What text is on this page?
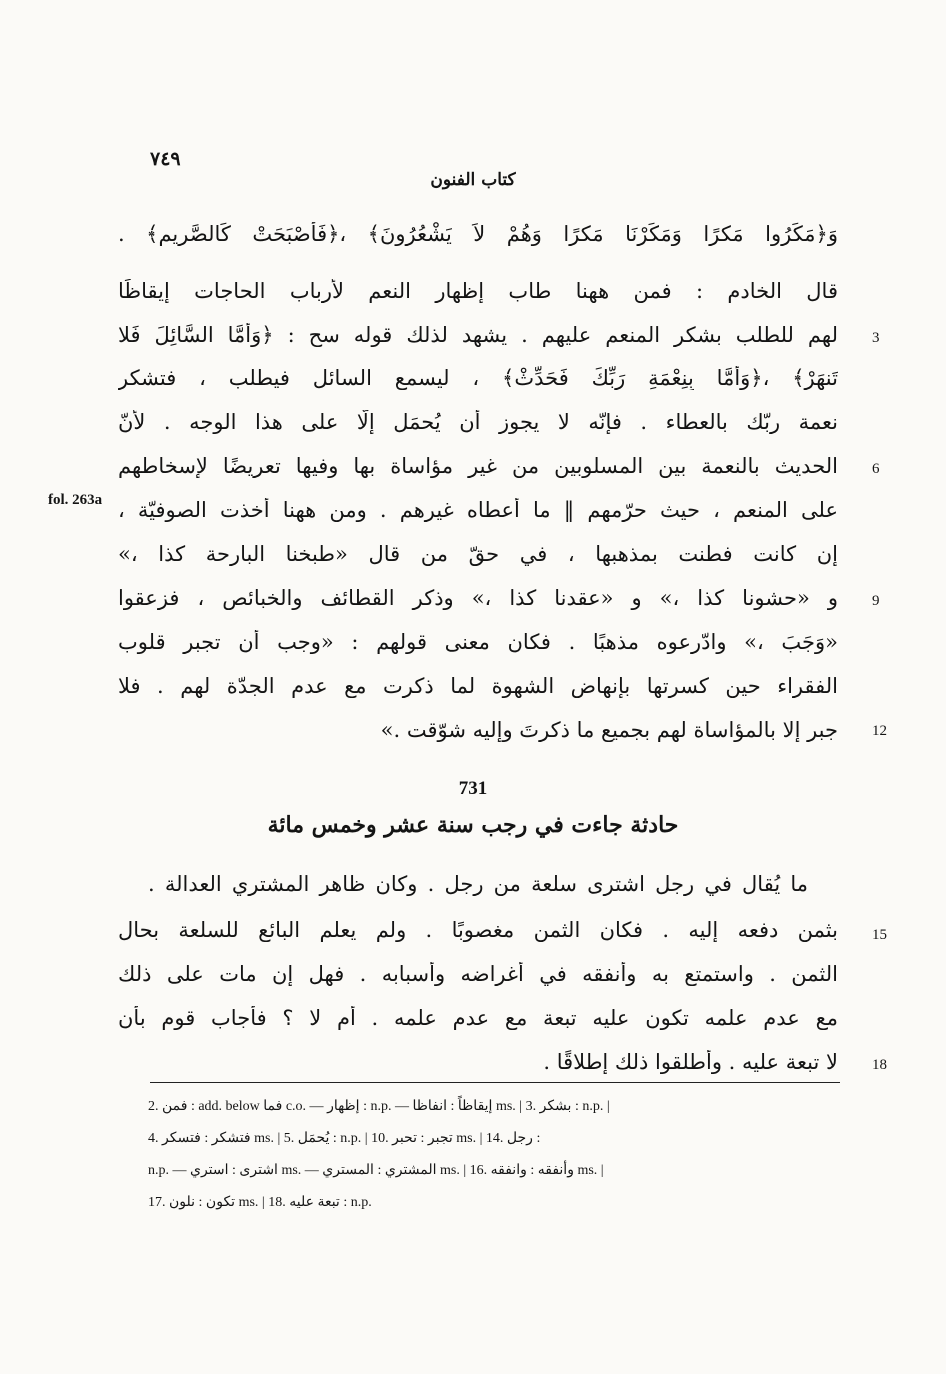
٧٤٩
كتاب الفنون
fol. 263a
ﻭَ﴿ﻣَﻜَﺮُﻭﺍ ﻣَﻜﺮًﺍ ﻭَﻣَﻜَﺮْﻧَﺎ ﻣَﻜﺮًﺍ ﻭَﻫُﻢْ ﻻَ ﻳَﺸْﻌُﺮُﻭﻥَ﴾ ،﴿ﻓَﺄَﺻْﺒَﺤَﺖْ ﻛَﺎﻟﺼَّﺮِﻳﻢِ﴾ .
قال الخادم : فمن ههنا طاب إظهار النعم لأرباب الحاجات إيقاظًا
لهم للطلب بشكر المنعم عليهم . يشهد لذلك قوله سح : ﴿وَأَمَّا السَّائِلَ فَلا 3
تَنهَرْ﴾ ،﴿وَأَمَّا بِنِعْمَةِ رَبِّكَ فَحَدِّثْ﴾ ، ليسمع السائل فيطلب ، فتشكر
نعمة ربّك بالعطاء . فإنّه لا يجوز أن يُحمَل إلّا على هذا الوجه . لأنّ
الحديث بالنعمة بين المسلوبين من غير مؤاساة بها وفيها تعريضًا لإسخاطهم 6
على المنعم ، حيث حرّمهم ‖ ما أعطاه غيرهم . ومن ههنا أخذت الصوفيّة ،
إن كانت فطنت بمذهبها ، في حقّ من قال «طبخنا البارحة كذا ،»
و «حشونا كذا ،» و «عقدنا كذا ،» وذكر القطائف والخبائص ، فزعقوا 9
«وَجَبَ ،» وادّرعوه مذهبًا . فكان معنى قولهم : «وجب أن تجبر قلوب
الفقراء حين كسرتها بإنهاض الشهوة لما ذكرت مع عدم الجدّة لهم . فلا
جبر إلا بالمؤاساة لهم بجميع ما ذكرتَ وإليه شوّقت .» 12
731
حادثة جاءت في رجب سنة عشر وخمس مائة
ما يُقال في رجل اشترى سلعة من رجل . وكان ظاهر المشتري العدالة .
بثمن دفعه إليه . فكان الثمن مغصوبًا . ولم يعلم البائع للسلعة بحال 15
الثمن . واستمتع به وأنفقه في أغراضه وأسبابه . فهل إن مات على ذلك
مع عدم علمه تكون عليه تبعة مع عدم علمه . أم لا ؟ فأجاب قوم بأن
لا تبعة عليه . وأطلقوا ذلك إطلاقًا . 18
2. فمن : add. below فما c.o. — إظهار : n.p. — إيقاظاً : انفاظا ms. | 3. بشكر : n.p. |
4. فتشكر : فتسكر ms. | 5. يُحمَل : n.p. | 10. تجبر : تحبر ms. | 14. رجل :
n.p. — اشترى : استري ms. — المشتري : المستري ms. | 16. وأنفقه : وانفقه ms. |
17. تكون : نلون ms. | 18. تبعة عليه : n.p.
